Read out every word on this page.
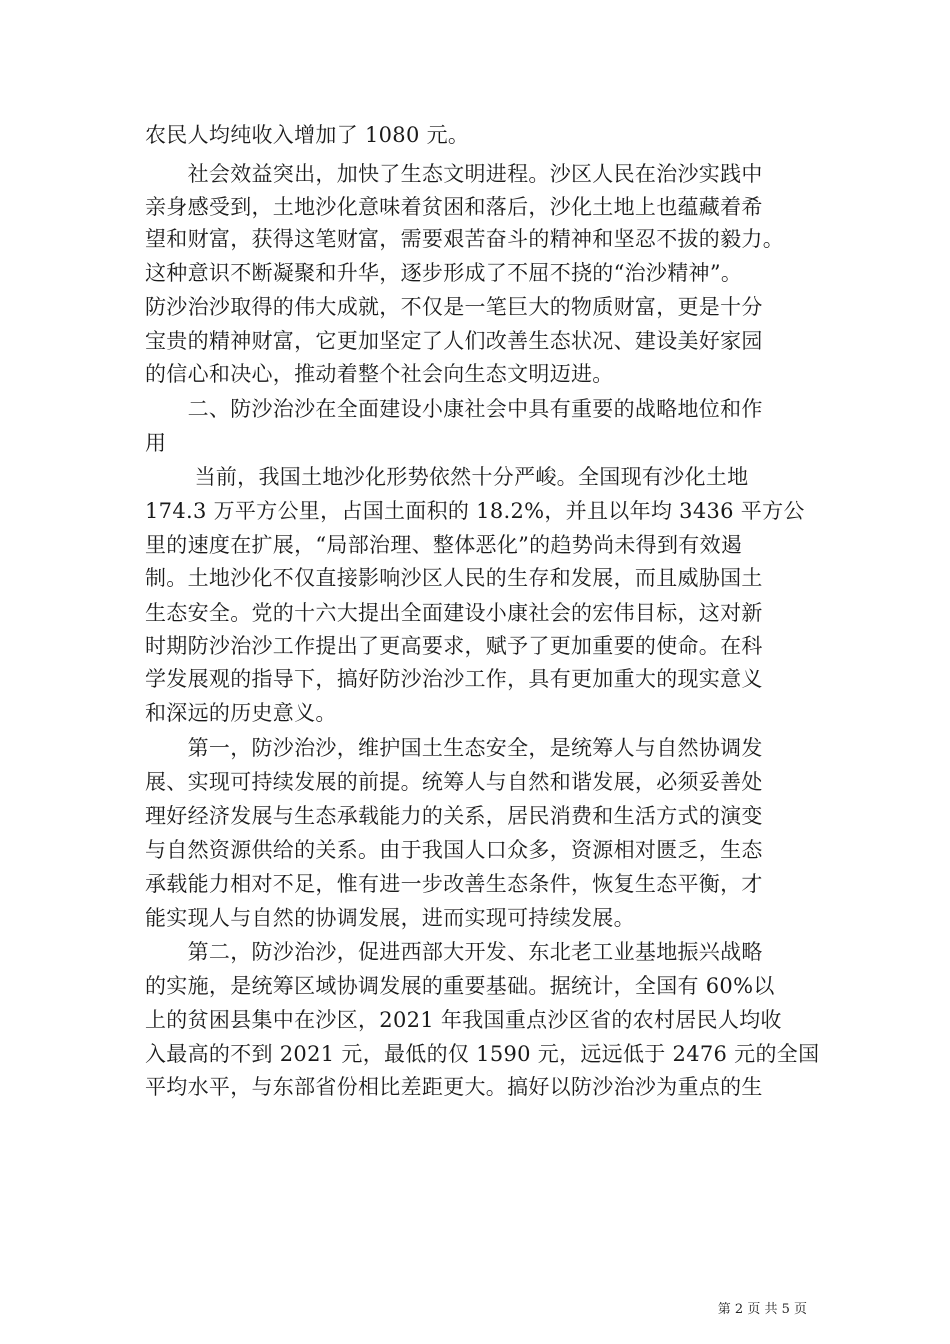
农民人均纯收入增加了 1080 元。
　　社会效益突出，加快了生态文明进程。沙区人民在治沙实践中
亲身感受到，土地沙化意味着贫困和落后，沙化土地上也蕴藏着希
望和财富，获得这笔财富，需要艰苦奋斗的精神和坚忍不拔的毅力。
这种意识不断凝聚和升华，逐步形成了不屈不挠的“治沙精神”。
防沙治沙取得的伟大成就，不仅是一笔巨大的物质财富，更是十分
宝贵的精神财富，它更加坚定了人们改善生态状况、建设美好家园
的信心和决心，推动着整个社会向生态文明迈进。
　　二、防沙治沙在全面建设小康社会中具有重要的战略地位和作
用
　　 当前，我国土地沙化形势依然十分严峻。全国现有沙化土地
174.3 万平方公里，占国土面积的 18.2%，并且以年均 3436 平方公
里的速度在扩展，“局部治理、整体恶化”的趋势尚未得到有效遏
制。土地沙化不仅直接影响沙区人民的生存和发展，而且威胁国土
生态安全。党的十六大提出全面建设小康社会的宏伟目标，这对新
时期防沙治沙工作提出了更高要求，赋予了更加重要的使命。在科
学发展观的指导下，搞好防沙治沙工作，具有更加重大的现实意义
和深远的历史意义。
　　第一，防沙治沙，维护国土生态安全，是统筹人与自然协调发
展、实现可持续发展的前提。统筹人与自然和谐发展，必须妥善处
理好经济发展与生态承载能力的关系，居民消费和生活方式的演变
与自然资源供给的关系。由于我国人口众多，资源相对匮乏，生态
承载能力相对不足，惟有进一步改善生态条件，恢复生态平衡，才
能实现人与自然的协调发展，进而实现可持续发展。
　　第二，防沙治沙，促进西部大开发、东北老工业基地振兴战略
的实施，是统筹区域协调发展的重要基础。据统计，全国有 60%以
上的贫困县集中在沙区，2021 年我国重点沙区省的农村居民人均收
入最高的不到 2021 元，最低的仅 1590 元，远远低于 2476 元的全国
平均水平，与东部省份相比差距更大。搞好以防沙治沙为重点的生
第 2 页 共 5 页
